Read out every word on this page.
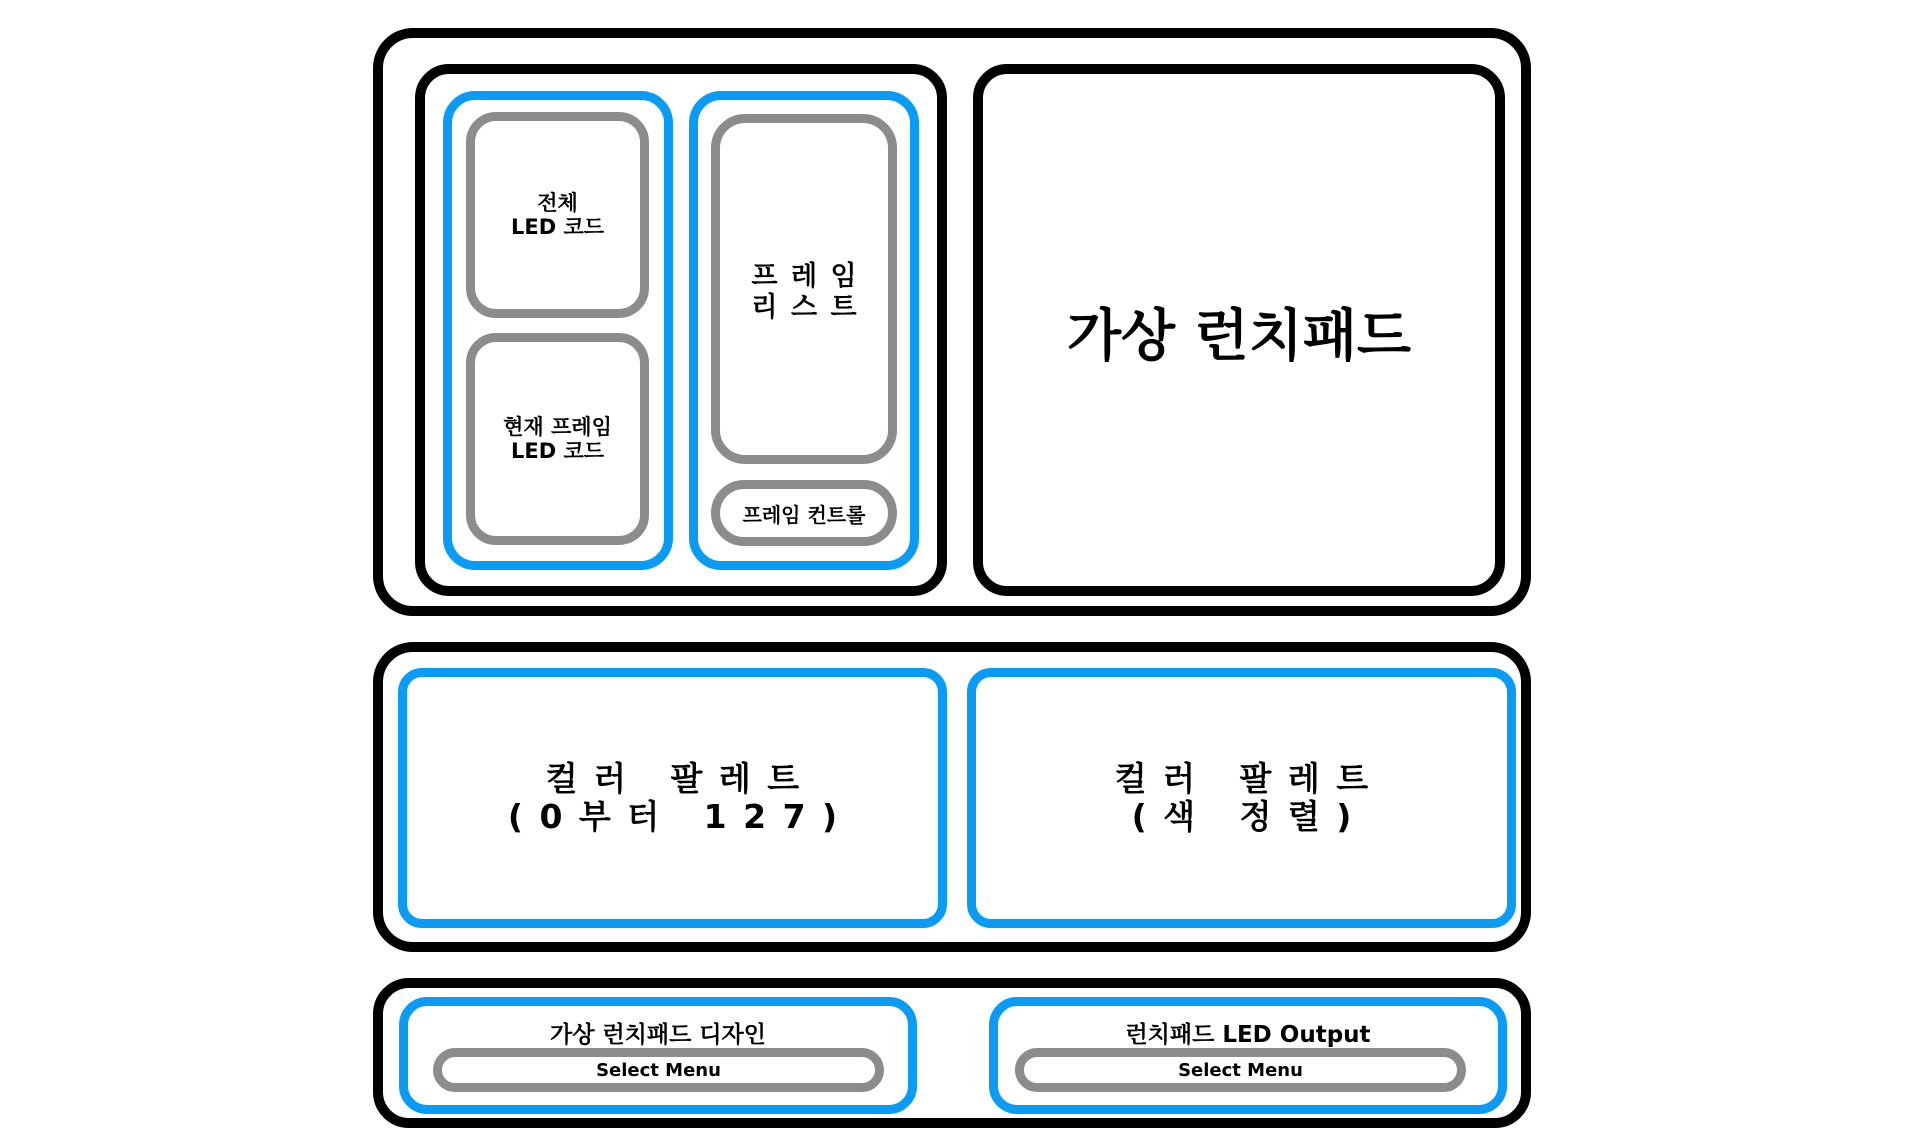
전체
LED 코드
현재 프레임
LED 코드
프레임
리스트
프레임 컨트롤
가상 런치패드
컬러 팔레트
(0부터 127)
컬러 팔레트
(색 정렬)
가상 런치패드 디자인
Select Menu
런치패드 LED Output
Select Menu
